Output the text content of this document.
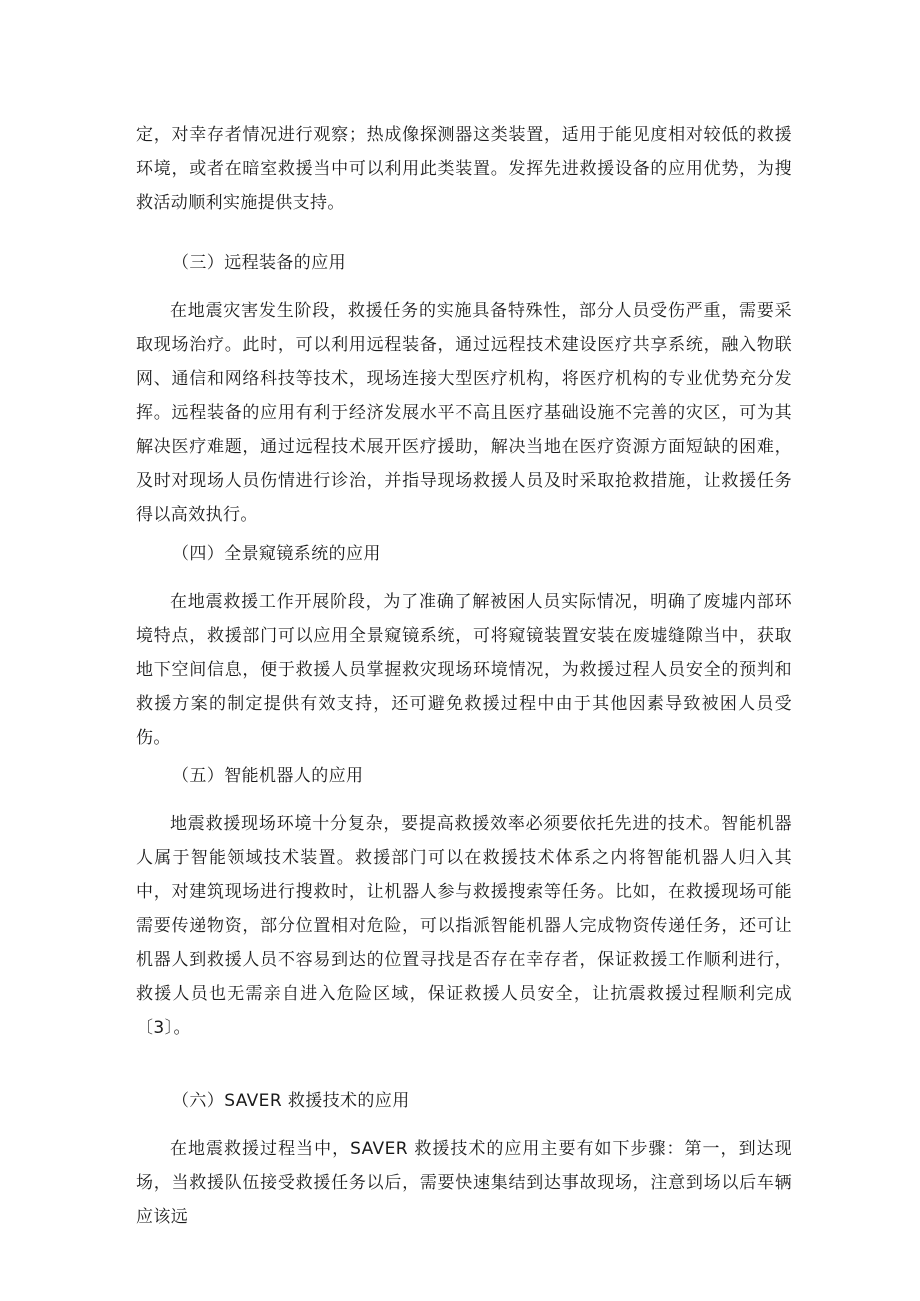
定，对幸存者情况进行观察；热成像探测器这类装置，适用于能见度相对较低的救援环境，或者在暗室救援当中可以利用此类装置。发挥先进救援设备的应用优势，为搜救活动顺利实施提供支持。

（三）远程装备的应用

在地震灾害发生阶段，救援任务的实施具备特殊性，部分人员受伤严重，需要采取现场治疗。此时，可以利用远程装备，通过远程技术建设医疗共享系统，融入物联网、通信和网络科技等技术，现场连接大型医疗机构，将医疗机构的专业优势充分发挥。远程装备的应用有利于经济发展水平不高且医疗基础设施不完善的灾区，可为其解决医疗难题，通过远程技术展开医疗援助，解决当地在医疗资源方面短缺的困难，及时对现场人员伤情进行诊治，并指导现场救援人员及时采取抢救措施，让救援任务得以高效执行。

（四）全景窥镜系统的应用

在地震救援工作开展阶段，为了准确了解被困人员实际情况，明确了废墟内部环境特点，救援部门可以应用全景窥镜系统，可将窥镜装置安装在废墟缝隙当中，获取地下空间信息，便于救援人员掌握救灾现场环境情况，为救援过程人员安全的预判和救援方案的制定提供有效支持，还可避免救援过程中由于其他因素导致被困人员受伤。

（五）智能机器人的应用

地震救援现场环境十分复杂，要提高救援效率必须要依托先进的技术。智能机器人属于智能领域技术装置。救援部门可以在救援技术体系之内将智能机器人归入其中，对建筑现场进行搜救时，让机器人参与救援搜索等任务。比如，在救援现场可能需要传递物资，部分位置相对危险，可以指派智能机器人完成物资传递任务，还可让机器人到救援人员不容易到达的位置寻找是否存在幸存者，保证救援工作顺利进行，救援人员也无需亲自进入危险区域，保证救援人员安全，让抗震救援过程顺利完成〔3〕。

（六）SAVER 救援技术的应用

在地震救援过程当中，SAVER 救援技术的应用主要有如下步骤：第一，到达现场，当救援队伍接受救援任务以后，需要快速集结到达事故现场，注意到场以后车辆应该远
